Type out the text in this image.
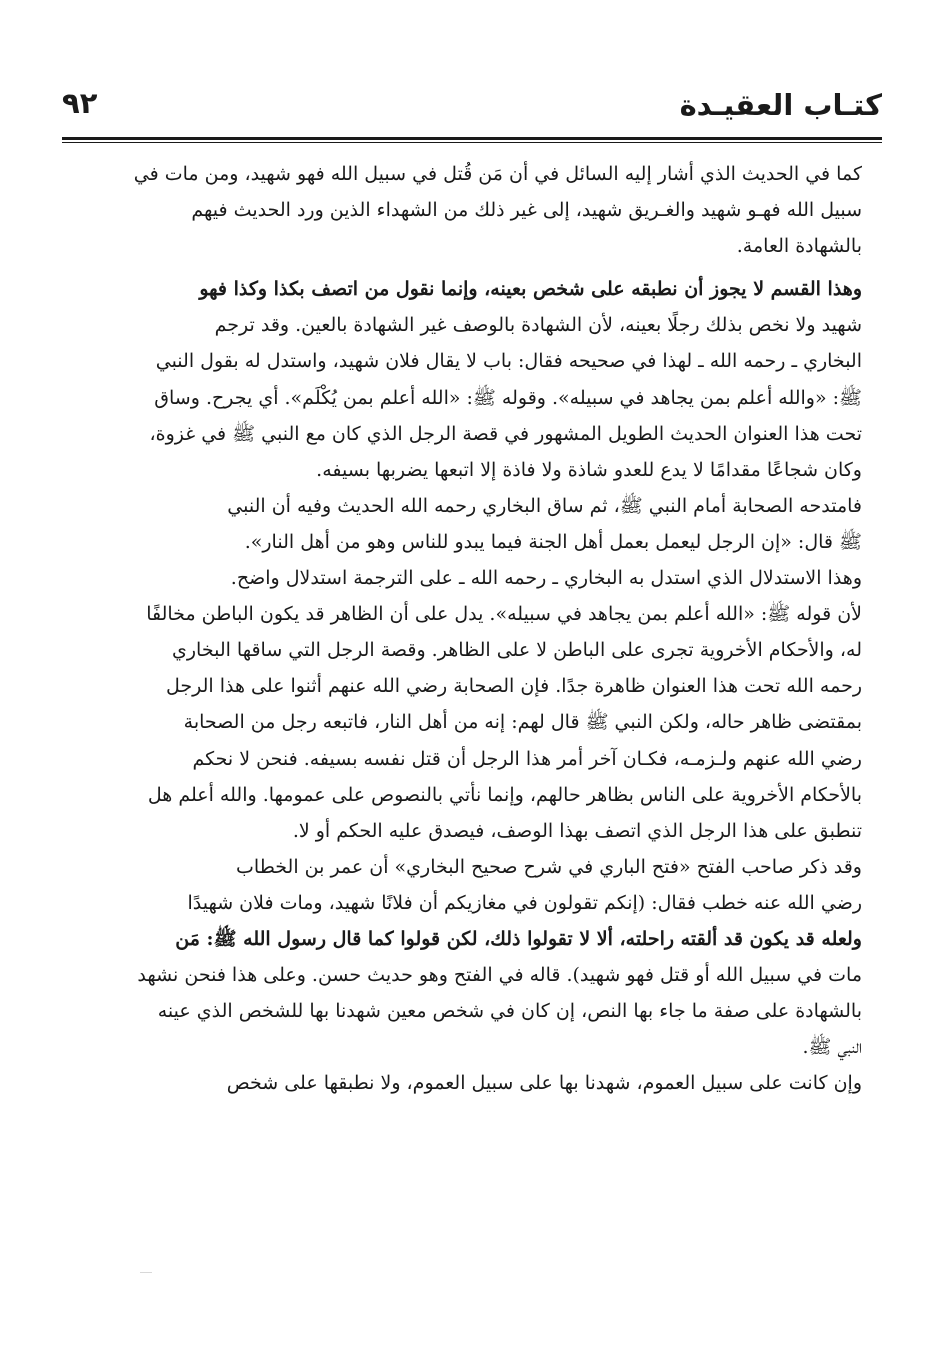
كتـاب العقيـدة
٩٢
كما في الحديث الذي أشار إليه السائل في أن مَن قُتل في سبيل الله فهو شهيد، ومن مات في
سبيل الله فهـو شهيد والغـريق شهيد، إلى غير ذلك من الشهداء الذين ورد الحديث فيهم
بالشهادة العامة.
وهذا القسم لا يجوز أن نطبقه على شخص بعينه، وإنما نقول من اتصف بكذا وكذا فهو
شهيد ولا نخص بذلك رجلًا بعينه، لأن الشهادة بالوصف غير الشهادة بالعين. وقد ترجم
البخاري ـ رحمه الله ـ لهذا في صحيحه فقال: باب لا يقال فلان شهيد، واستدل له بقول النبي
ﷺ: «والله أعلم بمن يجاهد في سبيله». وقوله ﷺ: «الله أعلم بمن يُكْلَم». أي يجرح. وساق
تحت هذا العنوان الحديث الطويل المشهور في قصة الرجل الذي كان مع النبي ﷺ في غزوة،
وكان شجاعًا مقدامًا لا يدع للعدو شاذة ولا فاذة إلا اتبعها يضربها بسيفه.
فامتدحه الصحابة أمام النبي ﷺ، ثم ساق البخاري رحمه الله الحديث وفيه أن النبي
ﷺ قال: «إن الرجل ليعمل بعمل أهل الجنة فيما يبدو للناس وهو من أهل النار».
وهذا الاستدلال الذي استدل به البخاري ـ رحمه الله ـ على الترجمة استدلال واضح.
لأن قوله ﷺ: «الله أعلم بمن يجاهد في سبيله». يدل على أن الظاهر قد يكون الباطن مخالفًا
له، والأحكام الأخروية تجرى على الباطن لا على الظاهر. وقصة الرجل التي ساقها البخاري
رحمه الله تحت هذا العنوان ظاهرة جدًا. فإن الصحابة رضي الله عنهم أثنوا على هذا الرجل
بمقتضى ظاهر حاله، ولكن النبي ﷺ قال لهم: إنه من أهل النار، فاتبعه رجل من الصحابة
رضي الله عنهم ولـزمـه، فكـان آخر أمر هذا الرجل أن قتل نفسه بسيفه. فنحن لا نحكم
بالأحكام الأخروية على الناس بظاهر حالهم، وإنما نأتي بالنصوص على عمومها. والله أعلم هل
تنطبق على هذا الرجل الذي اتصف بهذا الوصف، فيصدق عليه الحكم أو لا.
وقد ذكر صاحب الفتح «فتح الباري في شرح صحيح البخاري» أن عمر بن الخطاب
رضي الله عنه خطب فقال: (إنكم تقولون في مغازيكم أن فلانًا شهيد، ومات فلان شهيدًا
ولعله قد يكون قد ألقته راحلته، ألا لا تقولوا ذلك، لكن قولوا كما قال رسول الله ﷺ: مَن
مات في سبيل الله أو قتل فهو شهيد). قاله في الفتح وهو حديث حسن. وعلى هذا فنحن نشهد
بالشهادة على صفة ما جاء بها النص، إن كان في شخص معين شهدنا بها للشخص الذي عينه
النبي ﷺ.
وإن كانت على سبيل العموم، شهدنا بها على سبيل العموم، ولا نطبقها على شخص
